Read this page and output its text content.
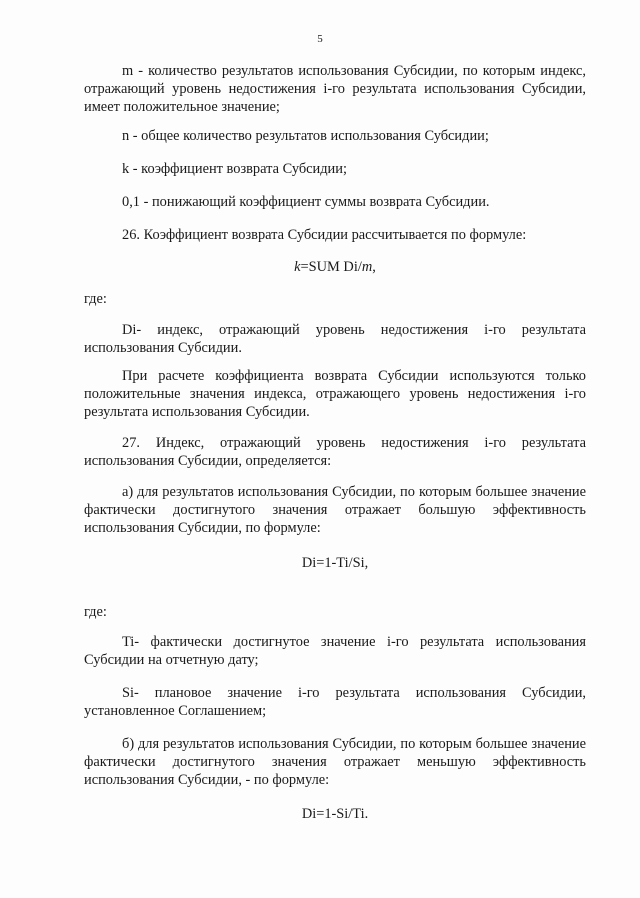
5
m - количество результатов использования Субсидии, по которым индекс, отражающий уровень недостижения i-го результата использования Субсидии, имеет положительное значение;
n - общее количество результатов использования Субсидии;
k - коэффициент возврата Субсидии;
0,1 - понижающий коэффициент суммы возврата Субсидии.
26. Коэффициент возврата Субсидии рассчитывается по формуле:
k=SUM Di/m,
где:
Di- индекс, отражающий уровень недостижения i-го результата использования Субсидии.
При расчете коэффициента возврата Субсидии используются только положительные значения индекса, отражающего уровень недостижения i-го результата использования Субсидии.
27. Индекс, отражающий уровень недостижения i-го результата использования Субсидии, определяется:
а) для результатов использования Субсидии, по которым большее значение фактически достигнутого значения отражает большую эффективность использования Субсидии, по формуле:
Di=1-Ti/Si,
где:
Ti- фактически достигнутое значение i-го результата использования Субсидии на отчетную дату;
Si- плановое значение i-го результата использования Субсидии, установленное Соглашением;
б) для результатов использования Субсидии, по которым большее значение фактически достигнутого значения отражает меньшую эффективность использования Субсидии, - по формуле:
Di=1-Si/Ti.
